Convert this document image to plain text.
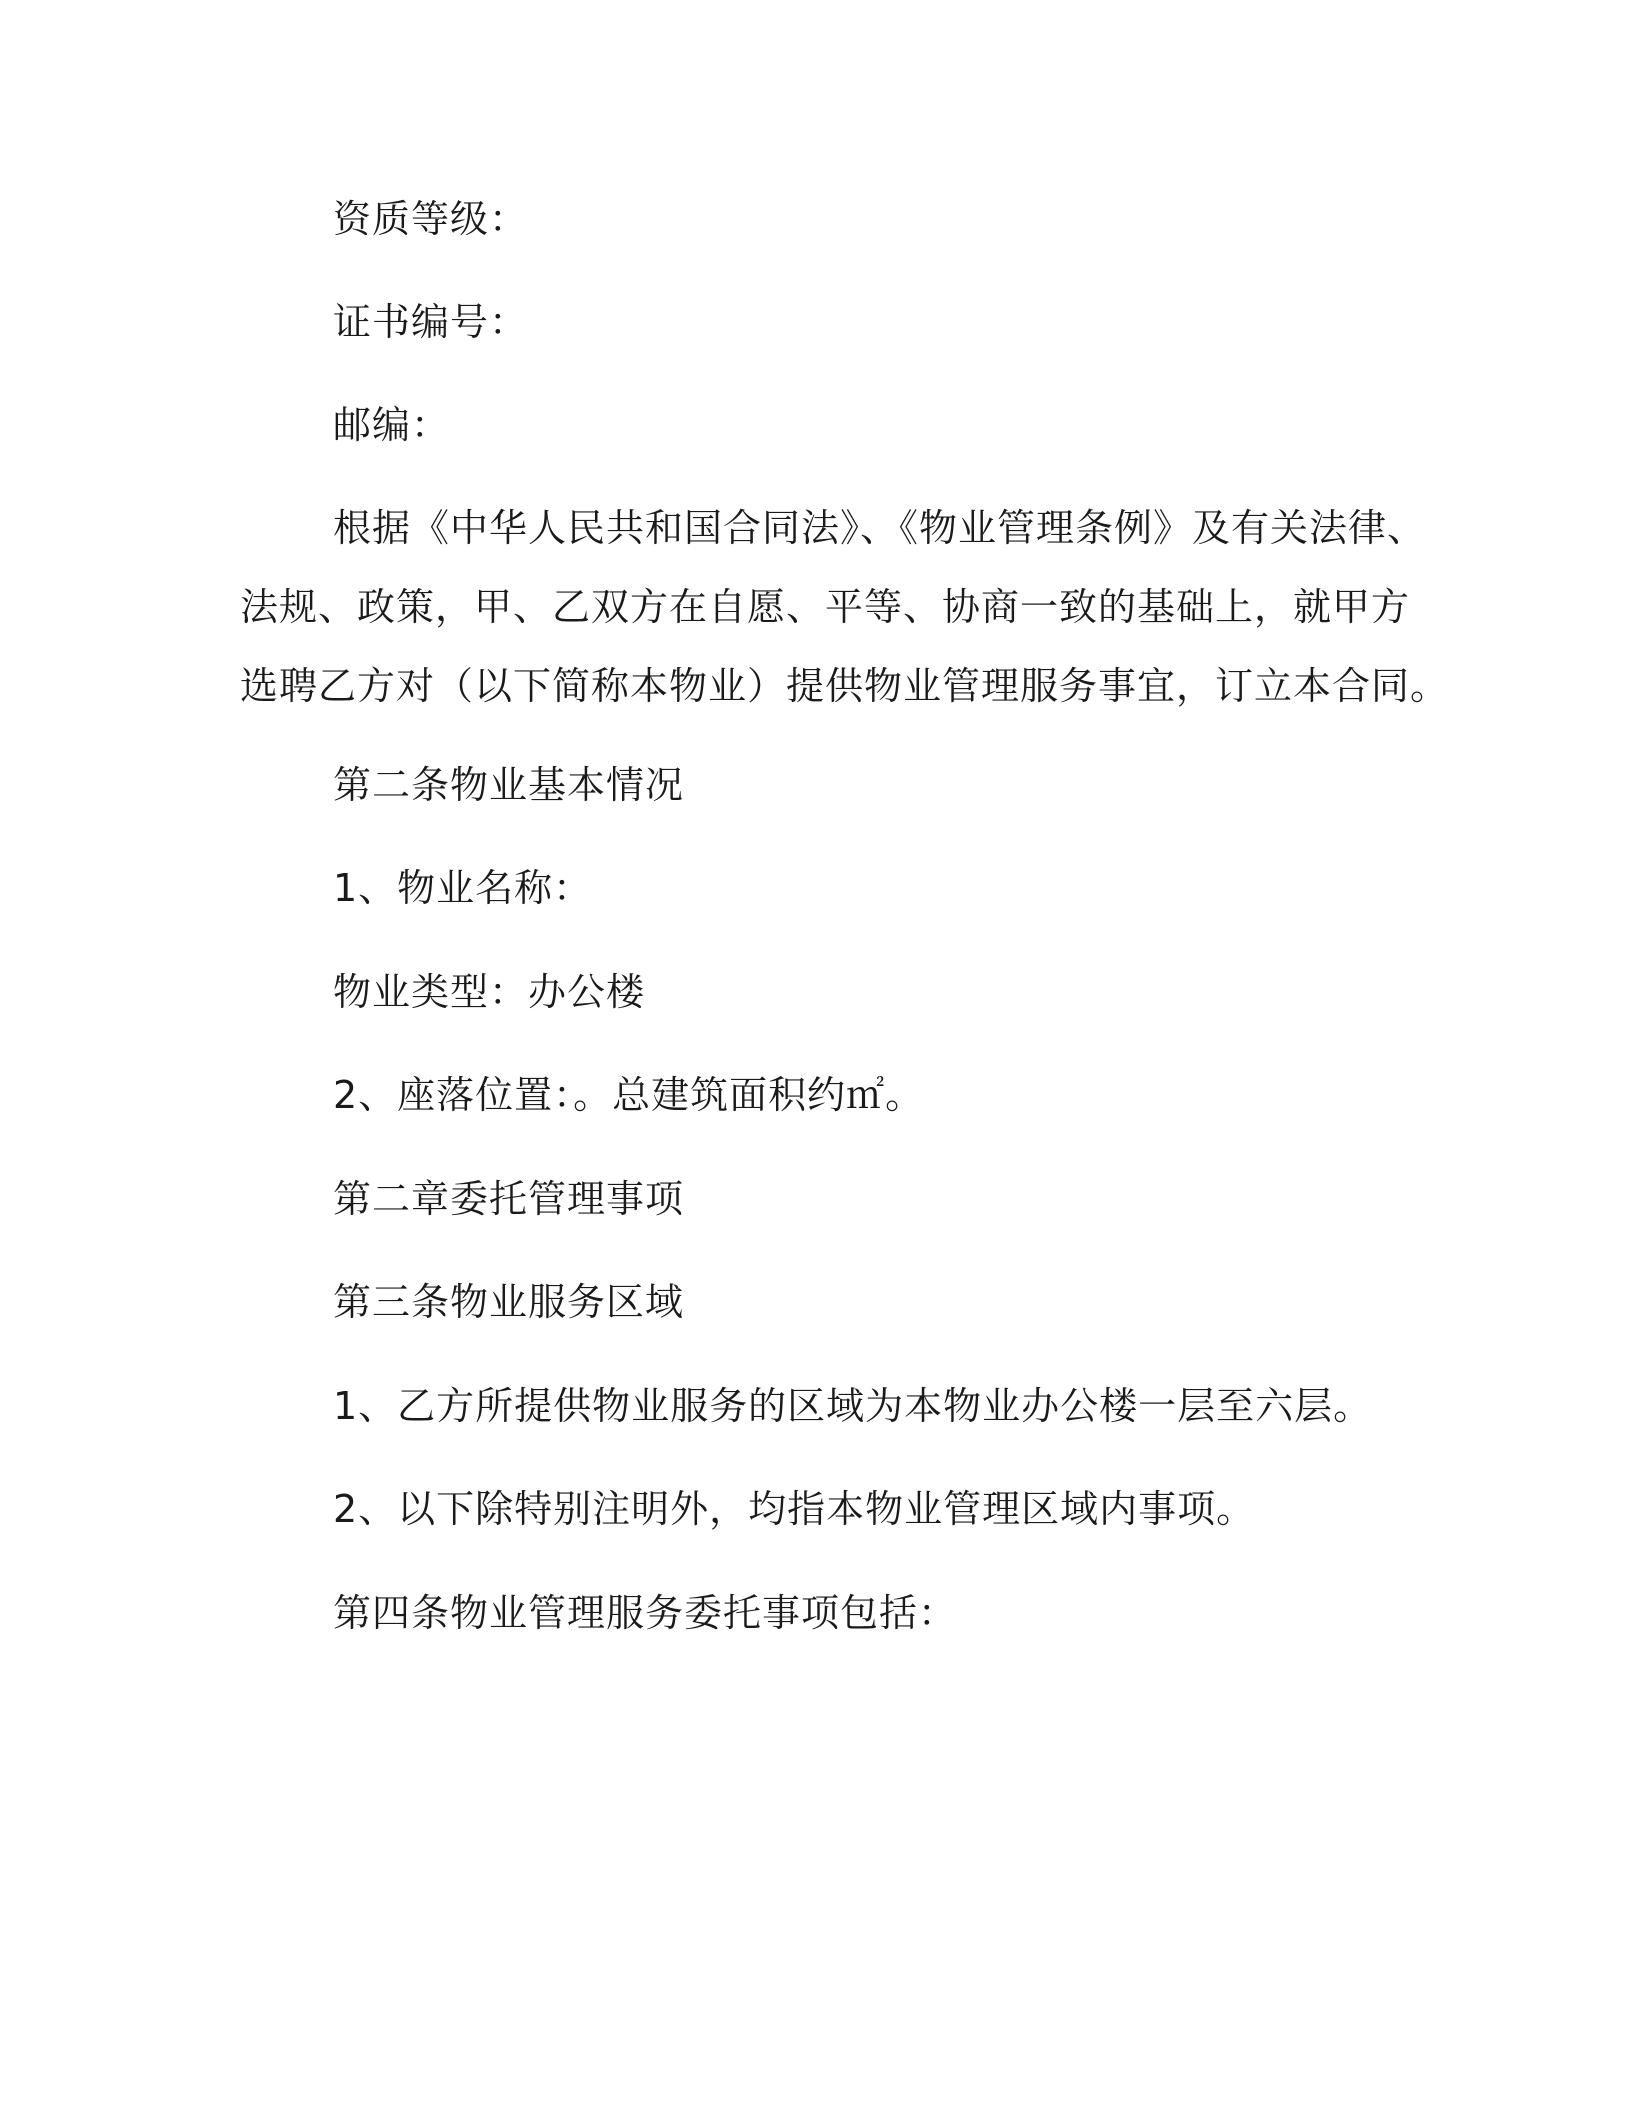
资质等级：
证书编号：
邮编：
根据《中华人民共和国合同法》、《物业管理条例》及有关法律、
法规、政策，甲、乙双方在自愿、平等、协商一致的基础上，就甲方
选聘乙方对（以下简称本物业）提供物业管理服务事宜，订立本合同。
第二条物业基本情况
1、物业名称：
物业类型：办公楼
2、座落位置：。总建筑面积约㎡。
第二章委托管理事项
第三条物业服务区域
1、乙方所提供物业服务的区域为本物业办公楼一层至六层。
2、以下除特别注明外，均指本物业管理区域内事项。
第四条物业管理服务委托事项包括：
